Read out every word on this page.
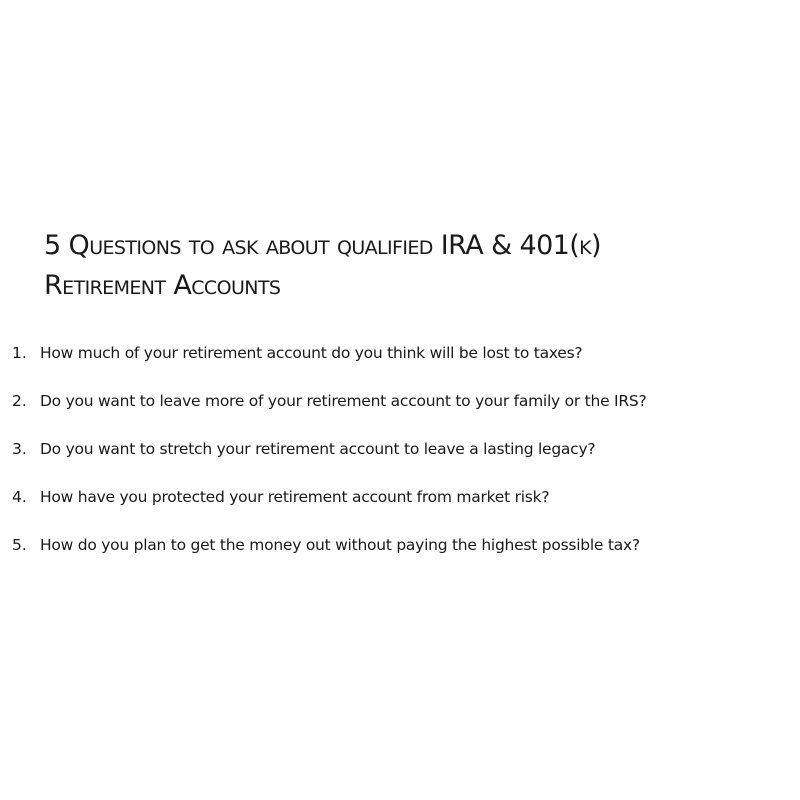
5 Questions to ask about qualified IRA & 401(k)
Retirement Accounts
1. How much of your retirement account do you think will be lost to taxes?
2. Do you want to leave more of your retirement account to your family or the IRS?
3. Do you want to stretch your retirement account to leave a lasting legacy?
4. How have you protected your retirement account from market risk?
5. How do you plan to get the money out without paying the highest possible tax?
